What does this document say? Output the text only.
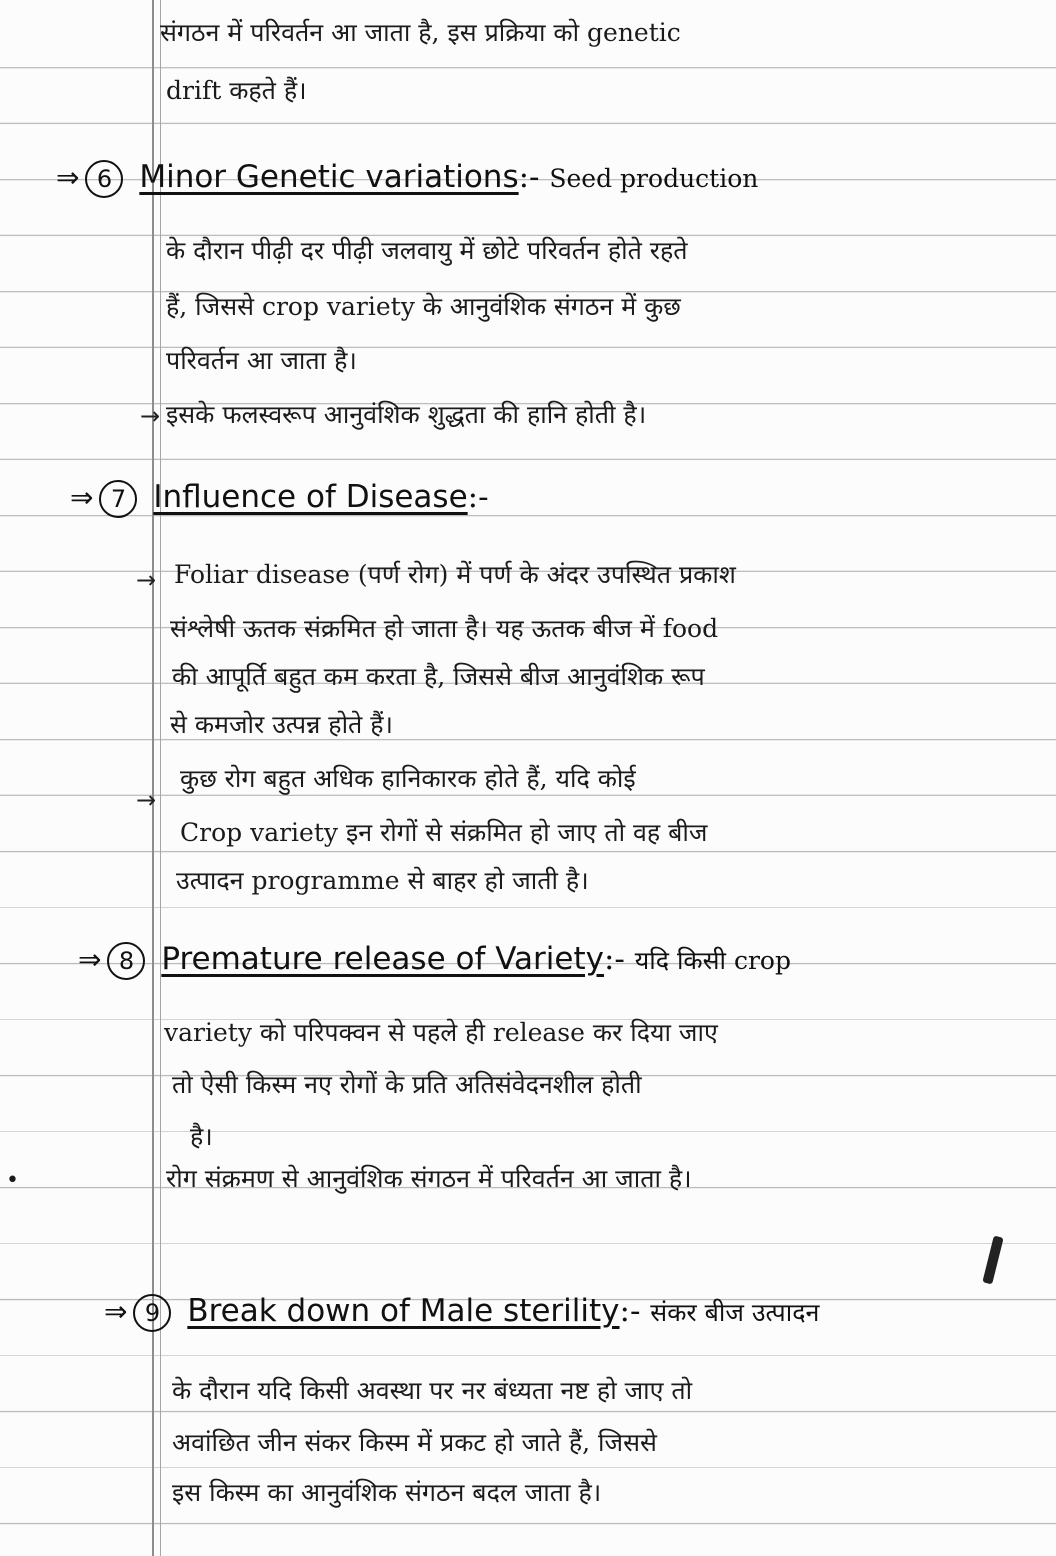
संगठन में परिवर्तन आ जाता है, इस प्रक्रिया को genetic
drift कहते हैं।
⇒ 6 Minor Genetic variations:- Seed production
के दौरान पीढ़ी दर पीढ़ी जलवायु में छोटे परिवर्तन होते रहते
हैं, जिससे crop variety के आनुवंशिक संगठन में कुछ
परिवर्तन आ जाता है।
→ इसके फलस्वरूप आनुवंशिक शुद्धता की हानि होती है।
⇒ 7 Influence of Disease:-
→ Foliar disease (पर्ण रोग) में पर्ण के अंदर उपस्थित प्रकाश
संश्लेषी ऊतक संक्रमित हो जाता है। यह ऊतक बीज में food
की आपूर्ति बहुत कम करता है, जिससे बीज आनुवंशिक रूप
से कमजोर उत्पन्न होते हैं।
→
कुछ रोग बहुत अधिक हानिकारक होते हैं, यदि कोई
Crop variety इन रोगों से संक्रमित हो जाए तो वह बीज
उत्पादन programme से बाहर हो जाती है।
⇒ 8 Premature release of Variety:- यदि किसी crop
variety को परिपक्वन से पहले ही release कर दिया जाए
तो ऐसी किस्म नए रोगों के प्रति अतिसंवेदनशील होती
है।
रोग संक्रमण से आनुवंशिक संगठन में परिवर्तन आ जाता है।
⇒ 9 Break down of Male sterility:- संकर बीज उत्पादन
के दौरान यदि किसी अवस्था पर नर बंध्यता नष्ट हो जाए तो
अवांछित जीन संकर किस्म में प्रकट हो जाते हैं, जिससे
इस किस्म का आनुवंशिक संगठन बदल जाता है।
•
